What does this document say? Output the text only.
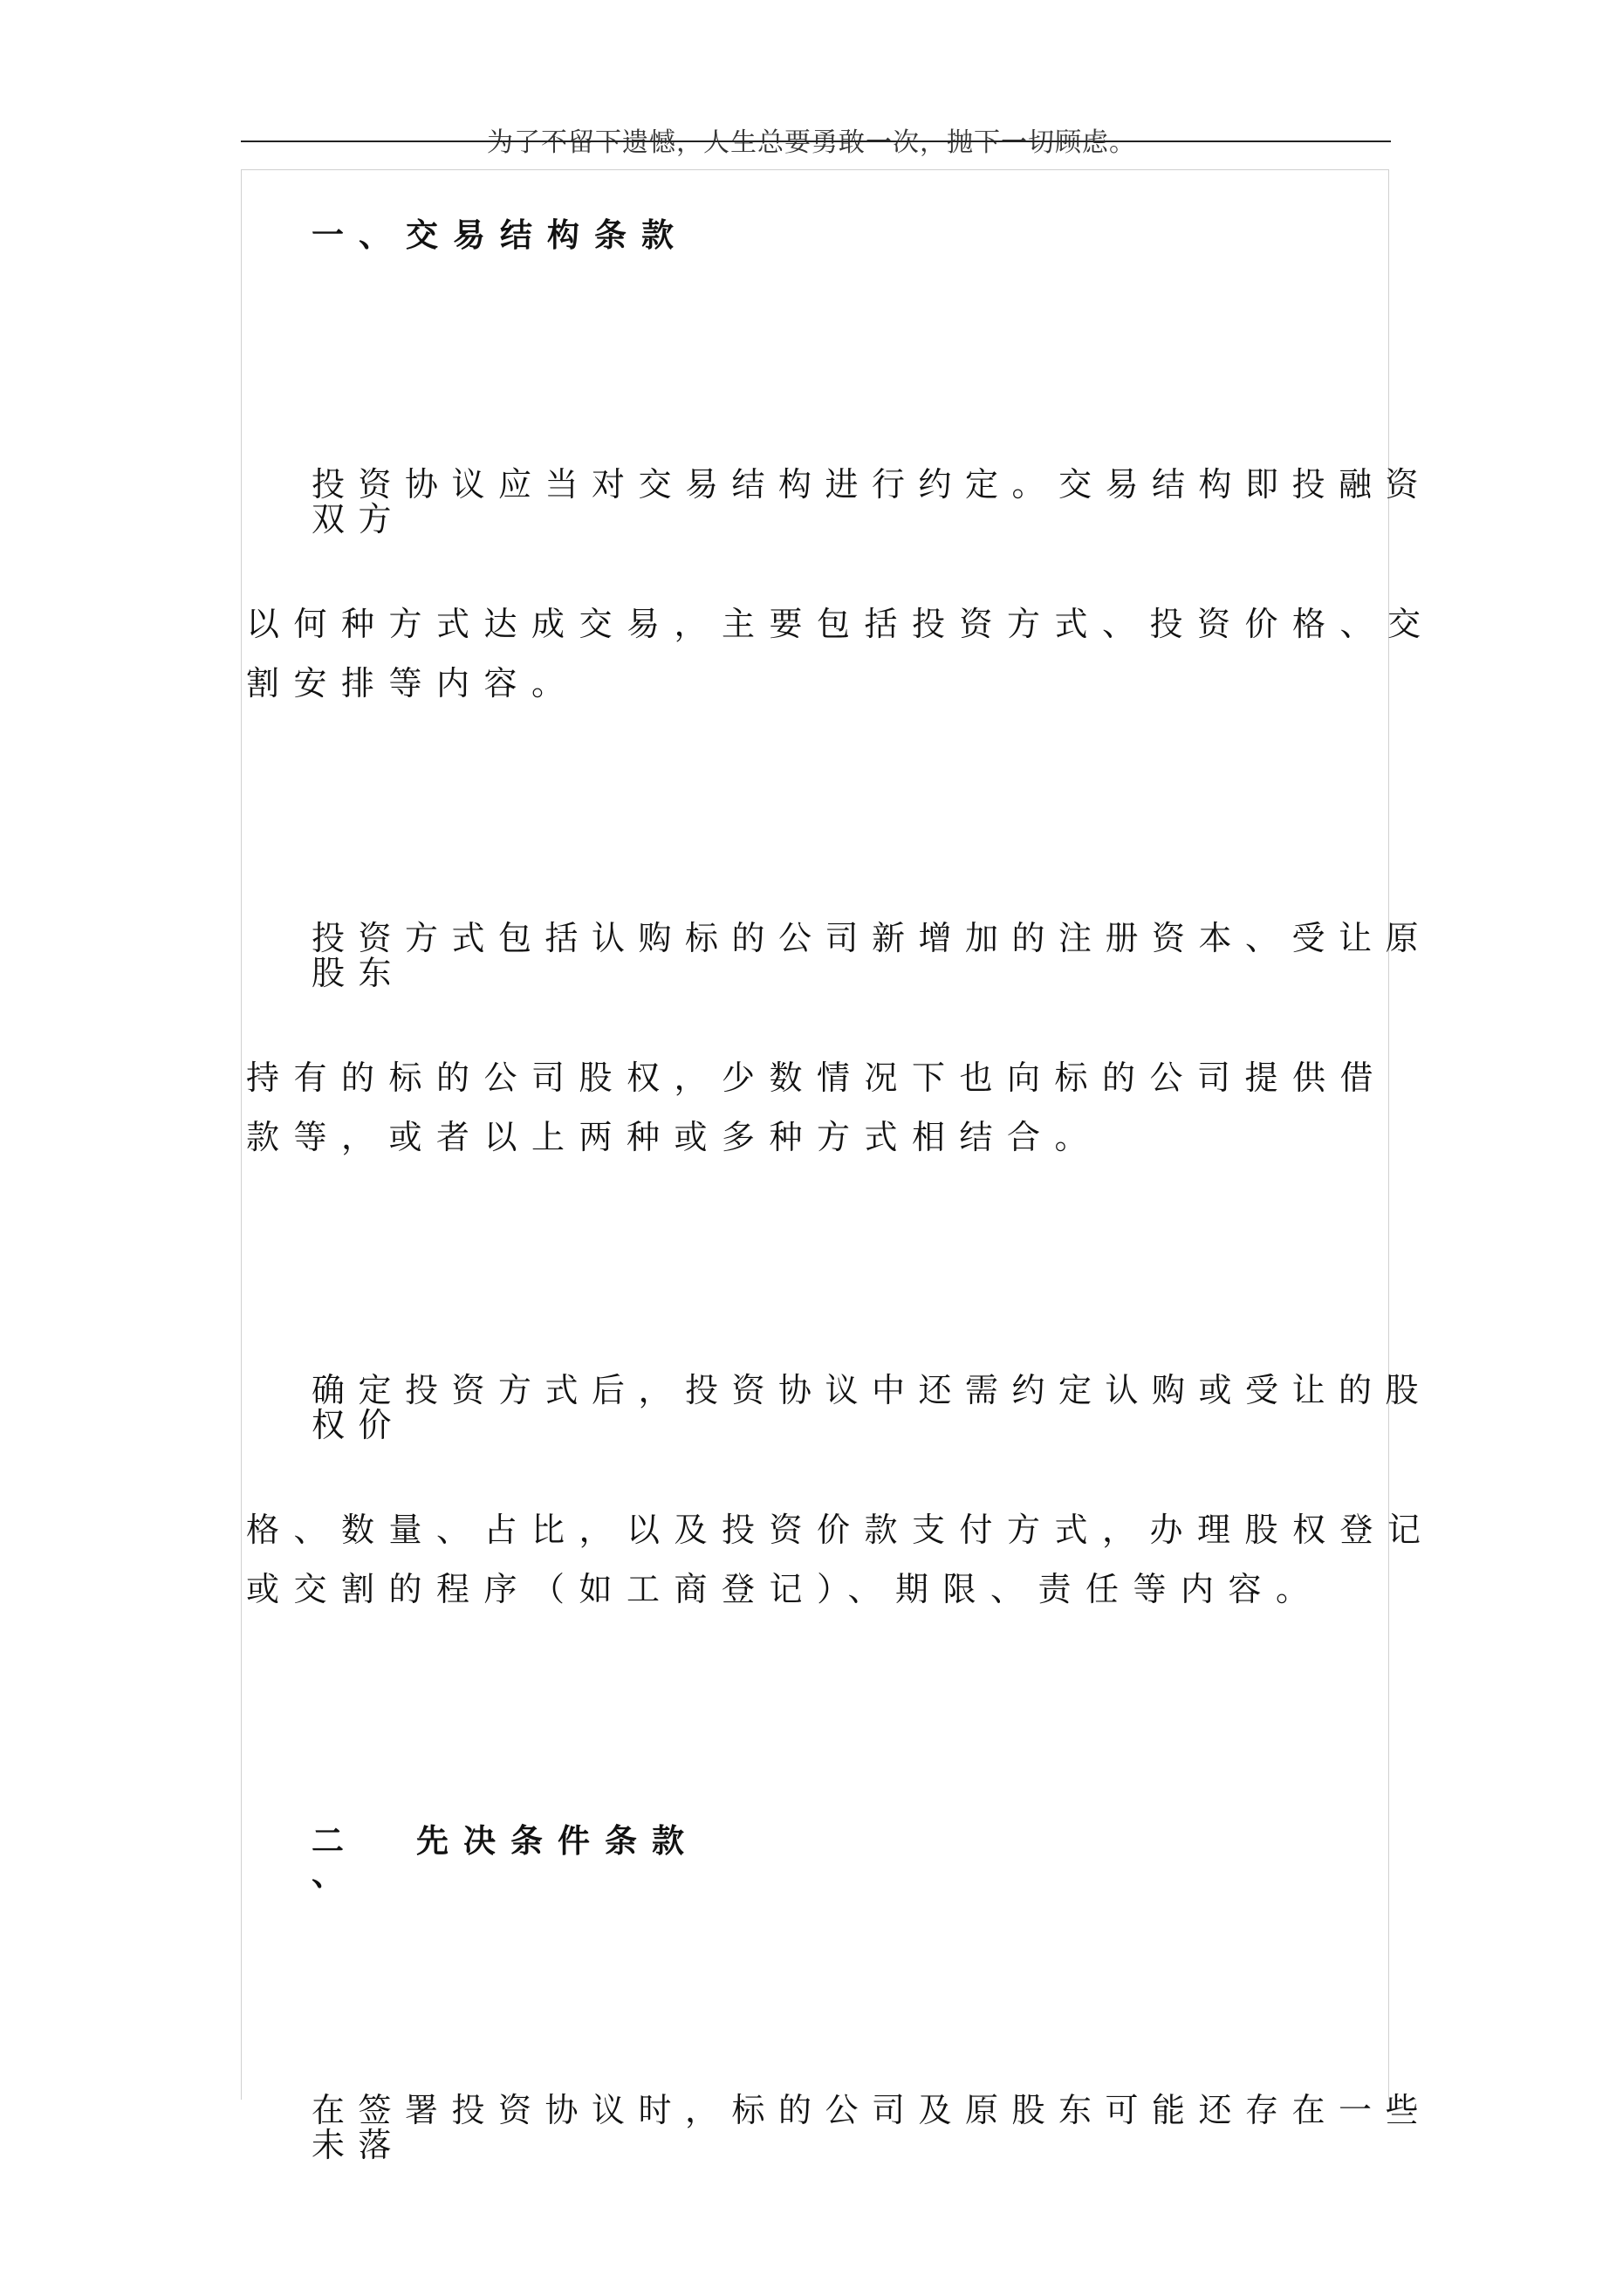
为了不留下遗憾，人生总要勇敢一次，抛下一切顾虑。
一、交易结构条款
投资协议应当对交易结构进行约定。交易结构即投融资
双方
以何种方式达成交易，主要包括投资方式、投资价格、交
割安排等内容。
投资方式包括认购标的公司新增加的注册资本、受让原
股东
持有的标的公司股权，少数情况下也向标的公司提供借
款等，或者以上两种或多种方式相结合。
确定投资方式后，投资协议中还需约定认购或受让的股
权价
格、数量、占比，以及投资价款支付方式，办理股权登记
或交割的程序（如工商登记）、期限、责任等内容。
二
、
先决条件条款
在签署投资协议时，标的公司及原股东可能还存在一些
未落
